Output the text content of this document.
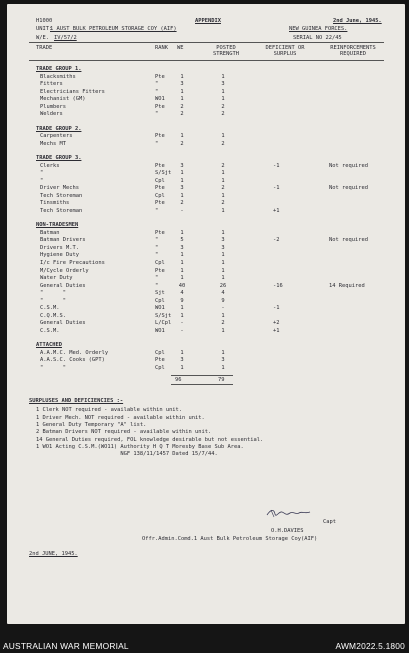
H1000	APPENDIX	2nd June, 1945.
UNIT:
1 AUST BULK PETROLEUM STORAGE COY (AIF)	NEW GUINEA FORCES.
W/E. IV/57/2	SERIAL NO 22/45
TRADE	RANK WE	POSTED STRENGTH
DEFICIENT OR SURPLUS
REINFORCEMENTS REQUIRED
TRADE GROUP 1.
Blacksmiths	Pte	1	1
Fitters	"	3	3
Electricians Fitters	"	1	1
Mechanist (GM)	WO1	1	1
Plumbers	Pte	2	2
Welders	"	2	2
TRADE GROUP 2.
Carpenters	Pte	1	1
Mechs MT	"	2	2
TRADE GROUP 3.
Clerks	Pte	3	2	-1	Not required
"	S/Sjt	1	1
"	Cpl	1	1
Driver Mechs	Pte	3	2	-1	Not required
Tech Storeman	Cpl	1	1
Tinsmiths	Pte	2	2
Tech Storeman	"	-	1	+1
NON-TRADESMEN
Batman	Pte	1	1
Batman Drivers	"	5	3	-2	Not required
Drivers M.T.	"	3	3
Hygiene Duty	"	1	1
I/c Fire Precautions	Cpl	1	1
M/Cycle Orderly	Pte	1	1
Water Duty	"	1	1
General Duties	"	40	26	-16	14 Required
"      "	Sjt	4	4
"      "	Cpl	9	9
C.S.M.	WO1	1	-	-1
C.Q.M.S.	S/Sjt	1	1
General Duties	L/Cpl	-	2	+2
C.S.M.	WO1	-	1	+1
ATTACHED
A.A.M.C. Med. Orderly	Cpl	1	1
A.A.S.C. Cooks (GPT)	Pte	3	3
"      "	Cpl	1	1
96	79
SURPLUSES AND DEFICIENCIES :-
1 Clerk NOT required - available within unit.
1 Driver Mech. NOT required - available within unit.
1 General Duty Temporary "A" list.
2 Batman Drivers NOT required - available within unit.
14 General Duties required, FOL knowledge desirable but not essential.
1 WO1 Acting C.S.M.(WO11) Authority H Q T Moresby Base Sub Area.
NGF 138/11/1457 Dated 15/7/44.
Capt
O.H.DAVIES
Offr.Admin.Comd.1 Aust Bulk Petroleum Storage Coy(AIF)
2nd JUNE, 1945.
AUSTRALIAN WAR MEMORIAL	AWM2022.5.1800
